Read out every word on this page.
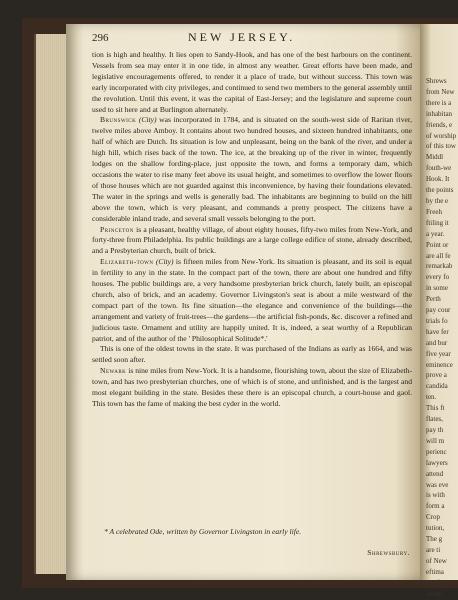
296	NEW JERSEY.

tion is high and healthy. It lies open to Sandy-Hook, and has one of the best harbours on the continent. Vessels from sea may enter it in one tide, in almost any weather. Great efforts have been made, and legislative encouragements offered, to render it a place of trade, but without success. This town was early incorporated with city privileges, and continued to send two members to the general assembly until the revolution. Until this event, it was the capital of East-Jersey; and the legislature and supreme court used to sit here and at Burlington alternately.

Brunswick (City) was incorporated in 1784, and is situated on the south-west side of Raritan river, twelve miles above Amboy. It contains about two hundred houses, and sixteen hundred inhabitants, one half of which are Dutch. Its situation is low and unpleasant, being on the bank of the river, and under a high hill, which rises back of the town. The ice, at the breaking up of the river in winter, frequently lodges on the shallow fording-place, just opposite the town, and forms a temporary dam, which occasions the water to rise many feet above its usual height, and sometimes to overflow the lower floors of those houses which are not guarded against this inconvenience, by having their foundations elevated. The water in the springs and wells is generally bad. The inhabitants are beginning to build on the hill above the town, which is very pleasant, and commands a pretty prospect. The citizens have a considerable inland trade, and several small vessels belonging to the port.

Princeton is a pleasant, healthy village, of about eighty houses, fifty-two miles from New-York, and forty-three from Philadelphia. Its public buildings are a large college edifice of stone, already described, and a Presbyterian church, built of brick.

Elizabeth-town (City) is fifteen miles from New-York. Its situation is pleasant, and its soil is equal in fertility to any in the state. In the compact part of the town, there are about one hundred and fifty houses. The public buildings are, a very handsome presbyterian brick church, lately built, an episcopal church, also of brick, and an academy. Governor Livingston's seat is about a mile westward of the compact part of the town. Its fine situation—the elegance and convenience of the buildings—the arrangement and variety of fruit-trees—the gardens—the artificial fish-ponds, &c. discover a refined and judicious taste. Ornament and utility are happily united. It is, indeed, a seat worthy of a Republican patriot, and of the author of the ' Philosophical Solitude*.'

This is one of the oldest towns in the state. It was purchased of the Indians as early as 1664, and was settled soon after.

Newark is nine miles from New-York. It is a handsome, flourishing town, about the size of Elizabeth-town, and has two presbyterian churches, one of which is of stone, and unfinished, and is the largest and most elegant building in the state. Besides these there is an episcopal church, a court-house and gaol. This town has the fame of making the best cyder in the world.

* A celebrated Ode, written by Governor Livingston in early life.
Shrewsbury.
Shrews
from New
there is a
inhabitan
friends, e
of worship
of this tow
Middl
fouth-we
Hook. It
the points
by the e
Freeh
ftiling it
a year.
Point or
are all fe
remarkab
every fo
in some
Perth
pay cour
trials fo
have fer
and bur
five year
eminence
prove a
candida
ten.
This ft
flates,
pay th
will m
perienc
lawyers
attend
was eve
is with
form a
Crop
tution,
The g
are ti
of New
eftima
her free
worth
